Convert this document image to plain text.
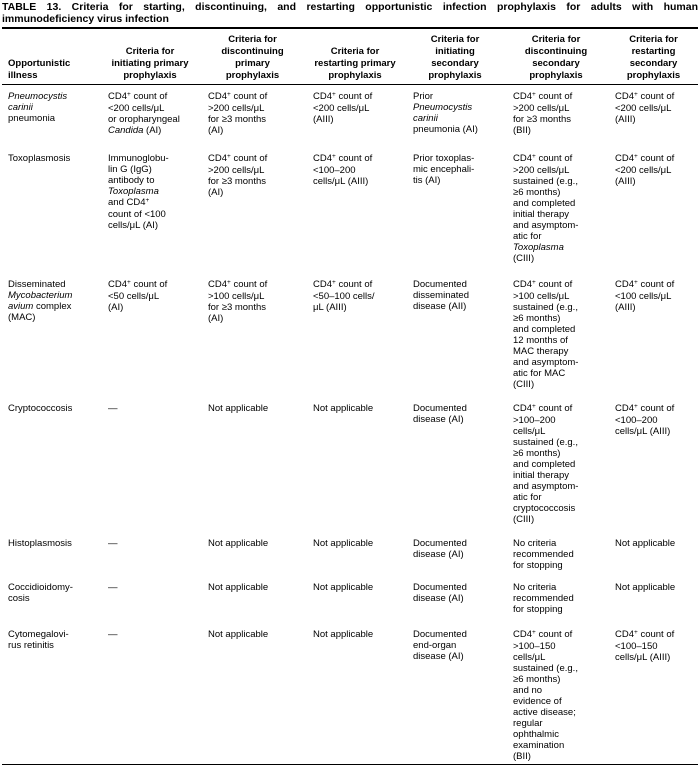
TABLE 13. Criteria for starting, discontinuing, and restarting opportunistic infection prophylaxis for adults with human
immunodeficiency virus infection
Opportunistic illness	Criteria for initiating primary prophylaxis	Criteria for discontinuing primary prophylaxis	Criteria for restarting primary prophylaxis	Criteria for initiating secondary prophylaxis	Criteria for discontinuing secondary prophylaxis	Criteria for restarting secondary prophylaxis
Pneumocystis
carinii
pneumonia	CD4+ count of
<200 cells/μL
or oropharyngeal
Candida (AI)	CD4+ count of
>200 cells/μL
for ≥3 months
(AI)	CD4+ count of
<200 cells/μL
(AIII)	Prior
Pneumocystis
carinii
pneumonia (AI)	CD4+ count of
>200 cells/μL
for ≥3 months
(BII)	CD4+ count of
<200 cells/μL
(AIII)
Toxoplasmosis	Immunoglobu-
lin G (IgG)
antibody to
Toxoplasma
and CD4+
count of <100
cells/μL (AI)	CD4+ count of
>200 cells/μL
for ≥3 months
(AI)	CD4+ count of
<100–200
cells/μL (AIII)	Prior toxoplas-
mic encephali-
tis (AI)	CD4+ count of
>200 cells/μL
sustained (e.g.,
≥6 months)
and completed
initial therapy
and asymptom-
atic for
Toxoplasma
(CIII)	CD4+ count of
<200 cells/μL
(AIII)
Disseminated
Mycobacterium
avium complex
(MAC)	CD4+ count of
<50 cells/μL
(AI)	CD4+ count of
>100 cells/μL
for ≥3 months
(AI)	CD4+ count of
<50–100 cells/
μL (AIII)	Documented
disseminated
disease (AII)	CD4+ count of
>100 cells/μL
sustained (e.g.,
≥6 months)
and completed
12 months of
MAC therapy
and asymptom-
atic for MAC
(CIII)	CD4+ count of
<100 cells/μL
(AIII)
Cryptococcosis	—	Not applicable	Not applicable	Documented
disease (AI)	CD4+ count of
>100–200
cells/μL
sustained (e.g.,
≥6 months)
and completed
initial therapy
and asymptom-
atic for
cryptococcosis
(CIII)	CD4+ count of
<100–200
cells/μL (AIII)
Histoplasmosis	—	Not applicable	Not applicable	Documented
disease (AI)	No criteria
recommended
for stopping	Not applicable
Coccidioidomy-
cosis	—	Not applicable	Not applicable	Documented
disease (AI)	No criteria
recommended
for stopping	Not applicable
Cytomegalovi-
rus retinitis	—	Not applicable	Not applicable	Documented
end-organ
disease (AI)	CD4+ count of
>100–150
cells/μL
sustained (e.g.,
≥6 months)
and no
evidence of
active disease;
regular
ophthalmic
examination
(BII)	CD4+ count of
<100–150
cells/μL (AIII)
